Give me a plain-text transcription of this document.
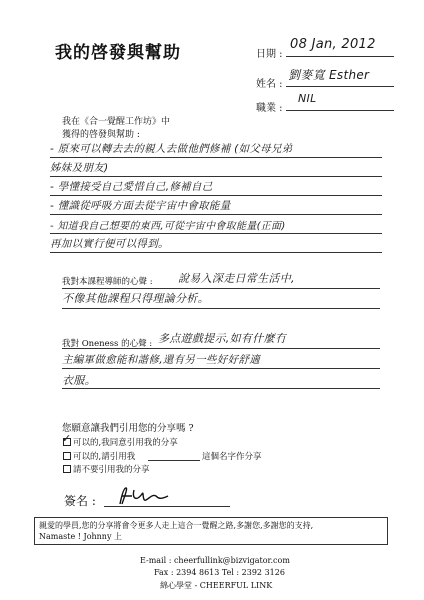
我的啓發與幫助	日期 :
08 Jan, 2012
姓名 :
劉麥寬 Esther
職業 :
NIL
我在《合一覺醒工作坊》中
獲得的啓發與幫助 :
- 原來可以轉去去的親人去做他們修補 (如父母兄弟
姊妹及朋友)
- 學懂接受自己愛惜自己,修補自己
- 懂識從呼吸方面去從宇宙中會取能量
- 知道我自己想要的東西,可從宇宙中會取能量(正面)
再加以實行便可以得到。
我對本課程導師的心聲 : 說易入深走日常生活中,
不像其他課程只得理論分析。
我對 Oneness 的心聲 : 多点遊戲提示,如有什麼冇
主編軍做愈能和諧修,還有另一些好好舒適
衣服。
您願意讓我們引用您的分享嗎 ?
✓ 可以的,我同意引用我的分享
可以的,請引用我	這個名字作分享
請不要引用我的分享
簽名 :
親愛的學員,您的分享將會令更多人走上這合一覺醒之路,多謝您,多謝您的支持,
Namaste ! Johnny 上
E-mail : cheerfullink@bizvigator.com
Fax : 2394 8613 Tel : 2392 3126
綿心學堂 - CHEERFUL LINK
